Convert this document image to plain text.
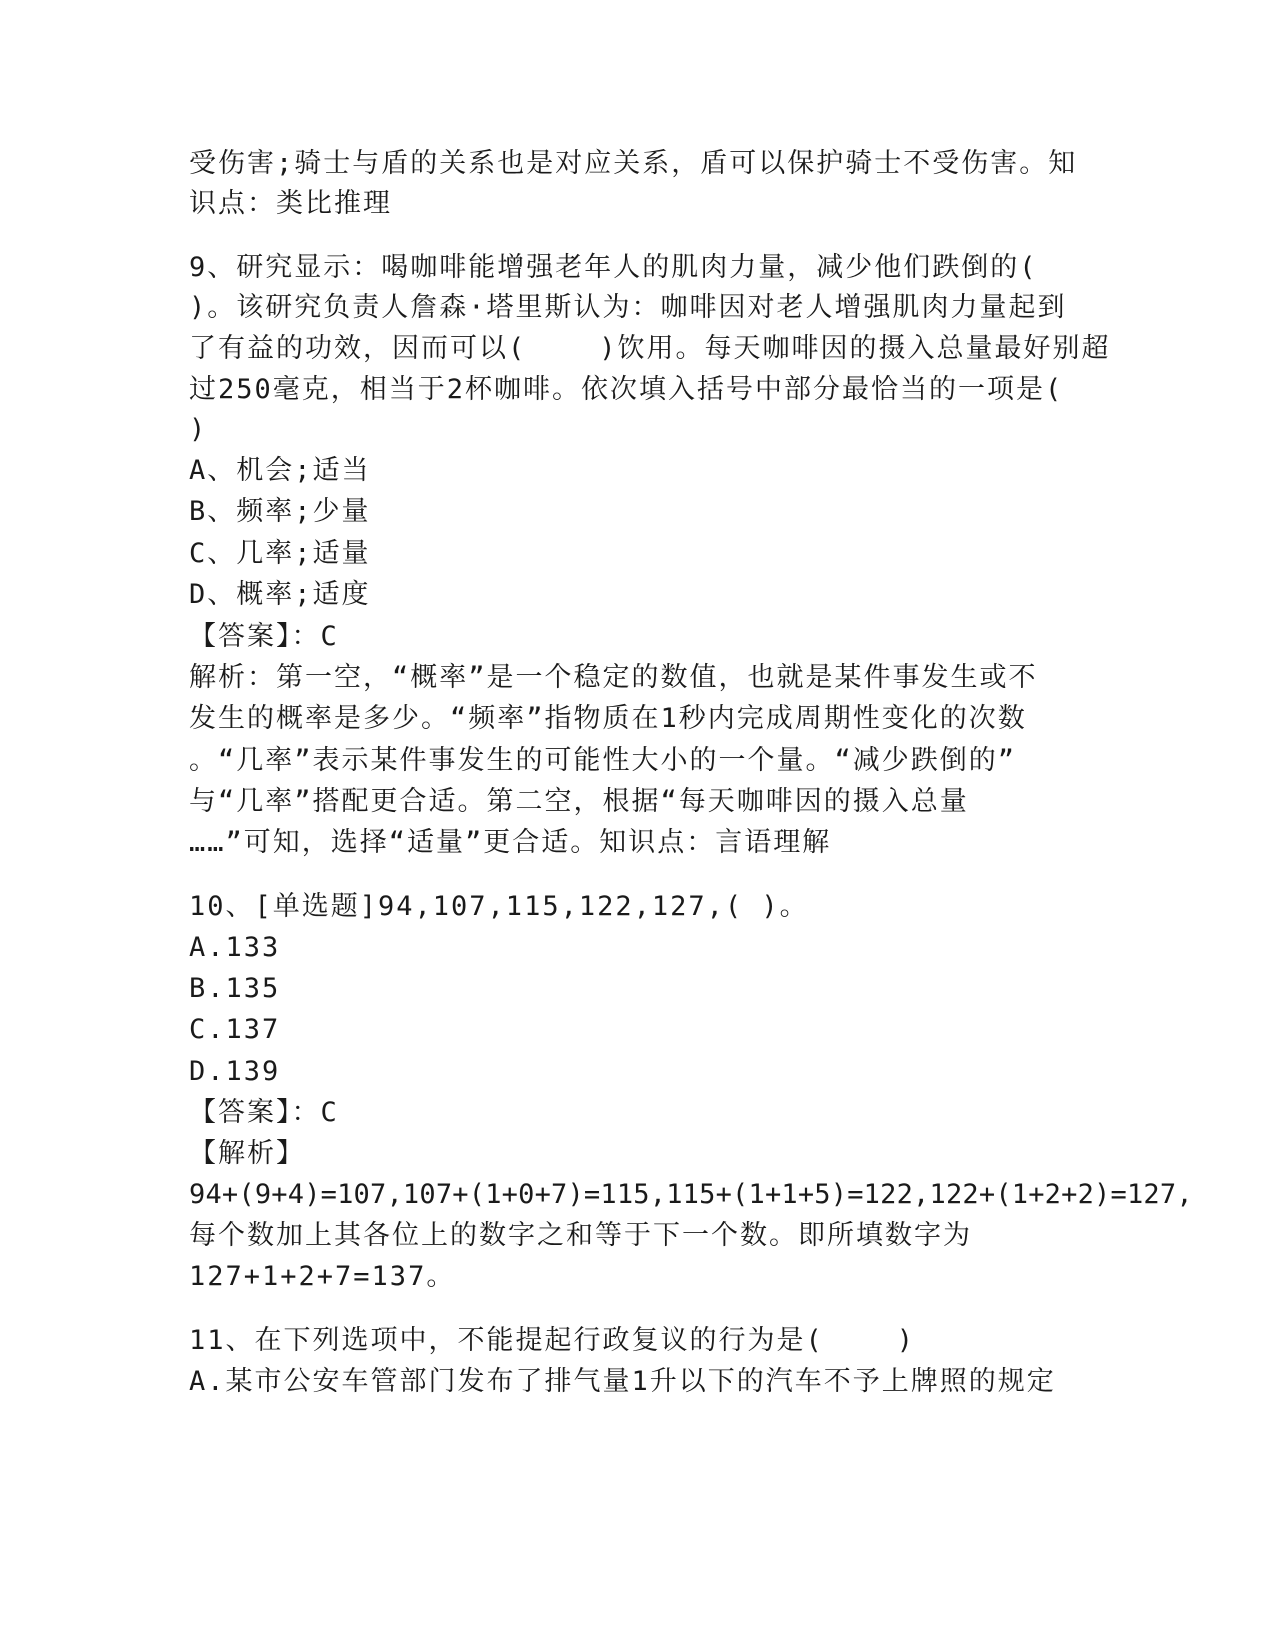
受伤害;骑士与盾的关系也是对应关系，盾可以保护骑士不受伤害。知
识点：类比推理
9、研究显示：喝咖啡能增强老年人的肌肉力量，减少他们跌倒的(
)。该研究负责人詹森·塔里斯认为：咖啡因对老人增强肌肉力量起到
了有益的功效，因而可以(    )饮用。每天咖啡因的摄入总量最好别超
过250毫克，相当于2杯咖啡。依次填入括号中部分最恰当的一项是(
)
A、机会;适当
B、频率;少量
C、几率;适量
D、概率;适度
【答案】：C
解析：第一空，“概率”是一个稳定的数值，也就是某件事发生或不
发生的概率是多少。“频率”指物质在1秒内完成周期性变化的次数
。“几率”表示某件事发生的可能性大小的一个量。“减少跌倒的”
与“几率”搭配更合适。第二空，根据“每天咖啡因的摄入总量
……”可知，选择“适量”更合适。知识点：言语理解
10、[单选题]94,107,115,122,127,( )。
A.133
B.135
C.137
D.139
【答案】：C
【解析】
94+(9+4)=107,107+(1+0+7)=115,115+(1+1+5)=122,122+(1+2+2)=127,
每个数加上其各位上的数字之和等于下一个数。即所填数字为
127+1+2+7=137。
11、在下列选项中，不能提起行政复议的行为是(    )
A.某市公安车管部门发布了排气量1升以下的汽车不予上牌照的规定
